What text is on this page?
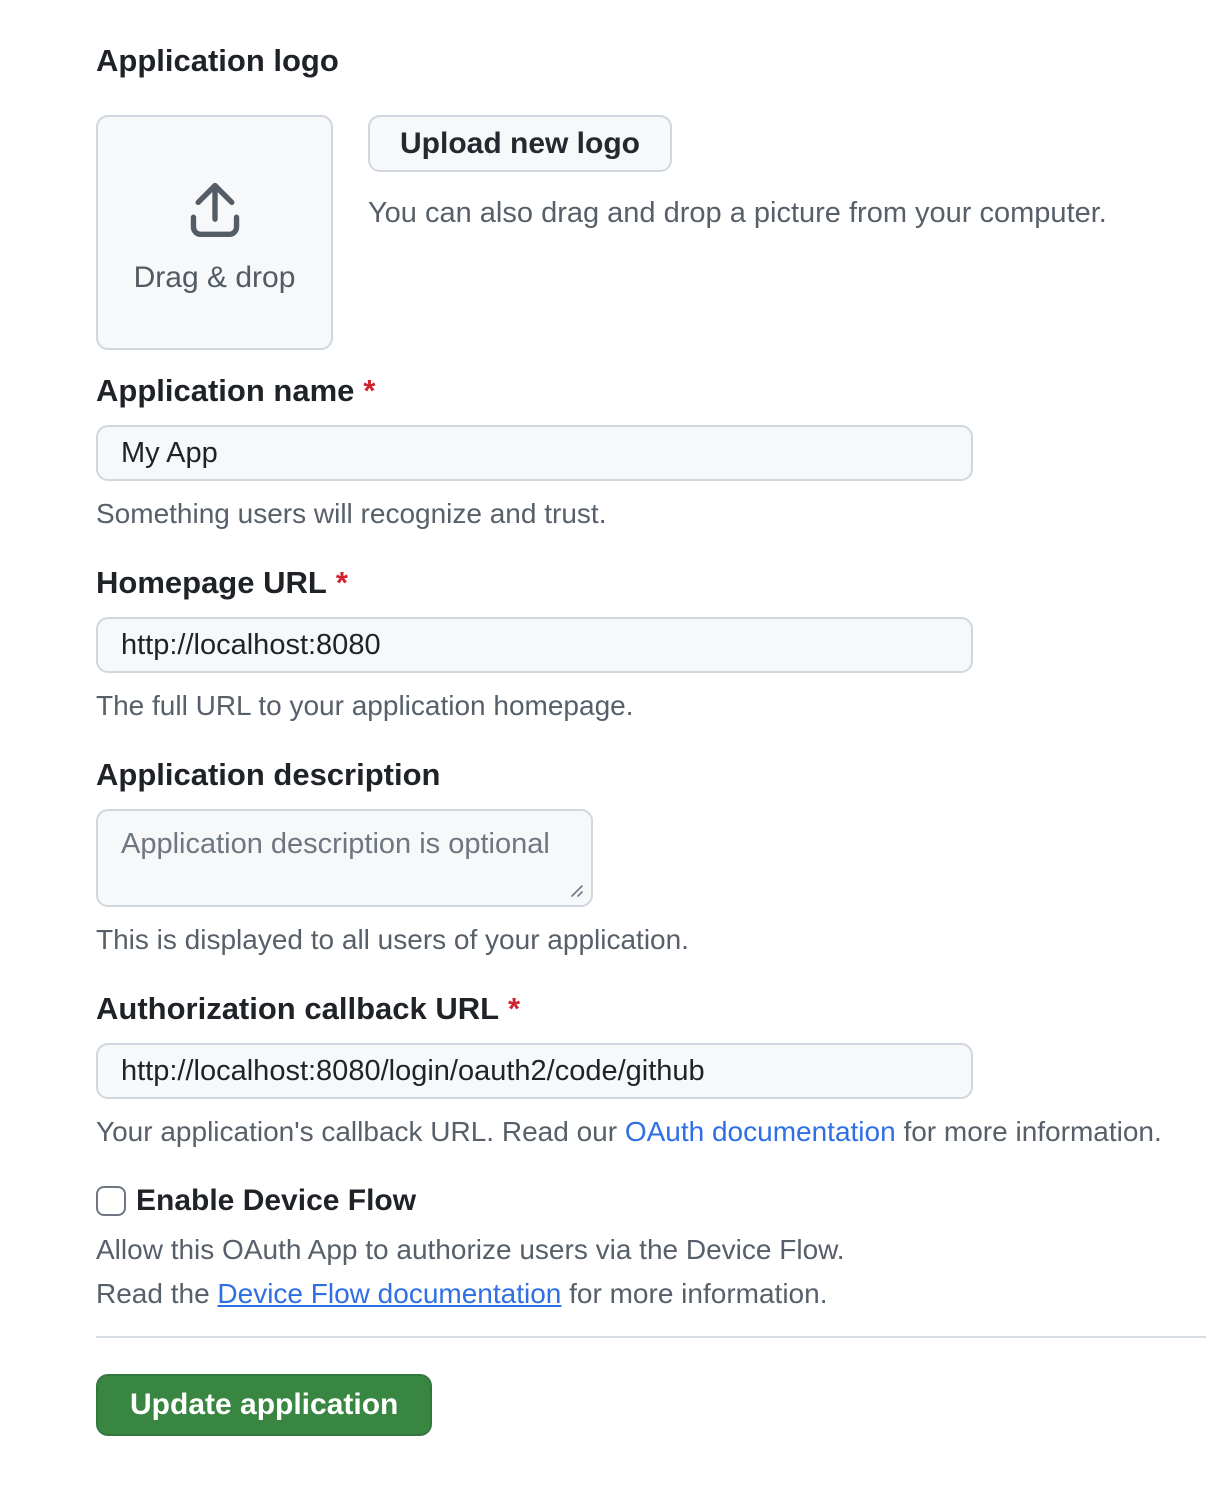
Application logo
Drag & drop
Upload new logo

You can also drag and drop a picture from your computer.

Application name *
My App

Something users will recognize and trust.

Homepage URL *
http://localhost:8080

The full URL to your application homepage.

Application description
Application description is optional

This is displayed to all users of your application.

Authorization callback URL *
http://localhost:8080/login/oauth2/code/github

Your application's callback URL. Read our OAuth documentation for more information.

Enable Device Flow

Allow this OAuth App to authorize users via the Device Flow.

Read the Device Flow documentation for more information.

Update application
